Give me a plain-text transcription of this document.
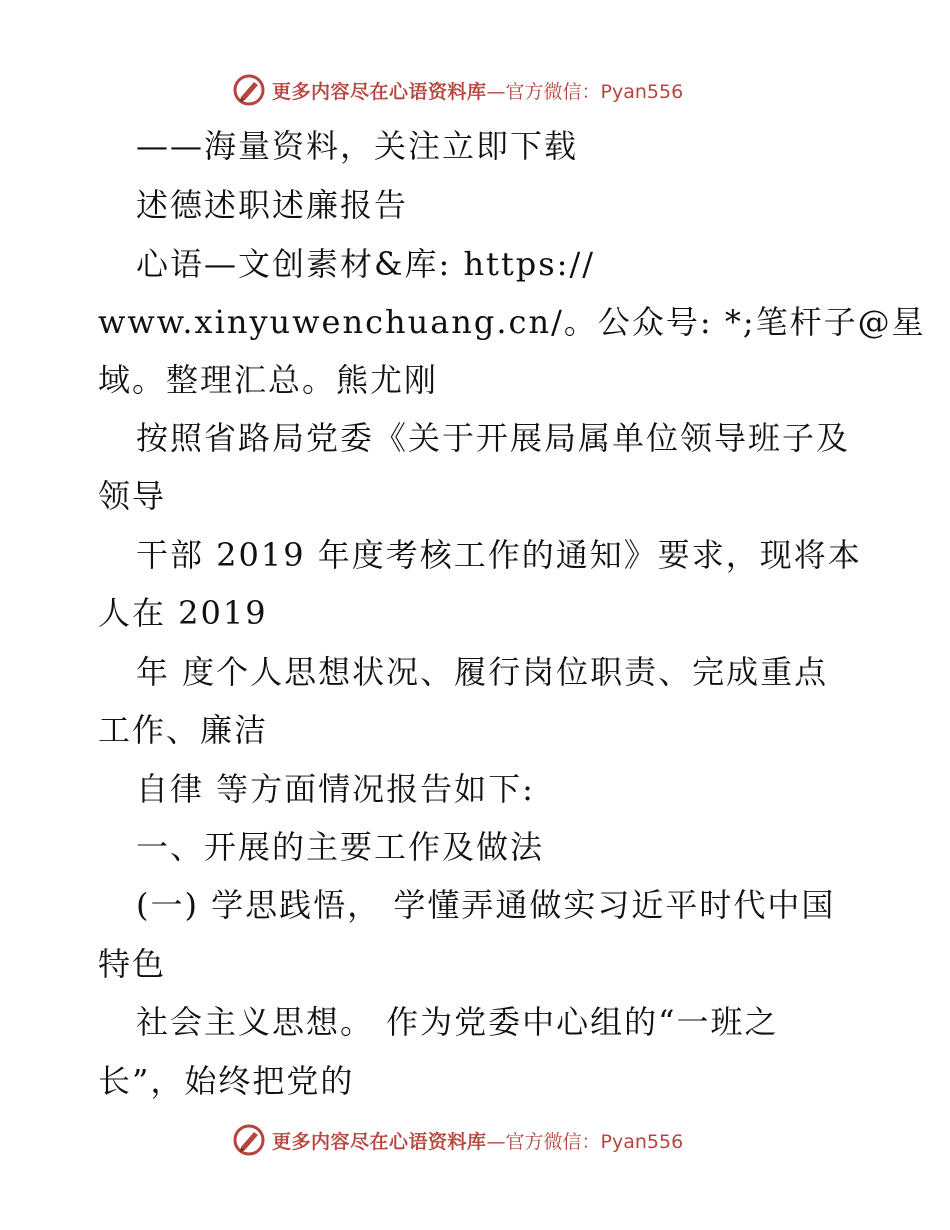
更多内容尽在心语资料库 —官方微信：Pyan556
——海量资料，关注立即下载
述德述职述廉报告
心语—文创素材&库: https://
www.xinyuwenchuang.cn/。公众号: *;笔杆子@星
域。整理汇总。熊尤刚
按照省路局党委《关于开展局属单位领导班子及
领导
干部 2019 年度考核工作的通知》要求，现将本
人在 2019
年 度个人思想状况、履行岗位职责、完成重点
工作、廉洁
自律 等方面情况报告如下:
一、开展的主要工作及做法
(一) 学思践悟， 学懂弄通做实习近平时代中国
特色
社会主义思想。 作为党委中心组的“一班之
长”，始终把党的
更多内容尽在心语资料库 —官方微信：Pyan556
